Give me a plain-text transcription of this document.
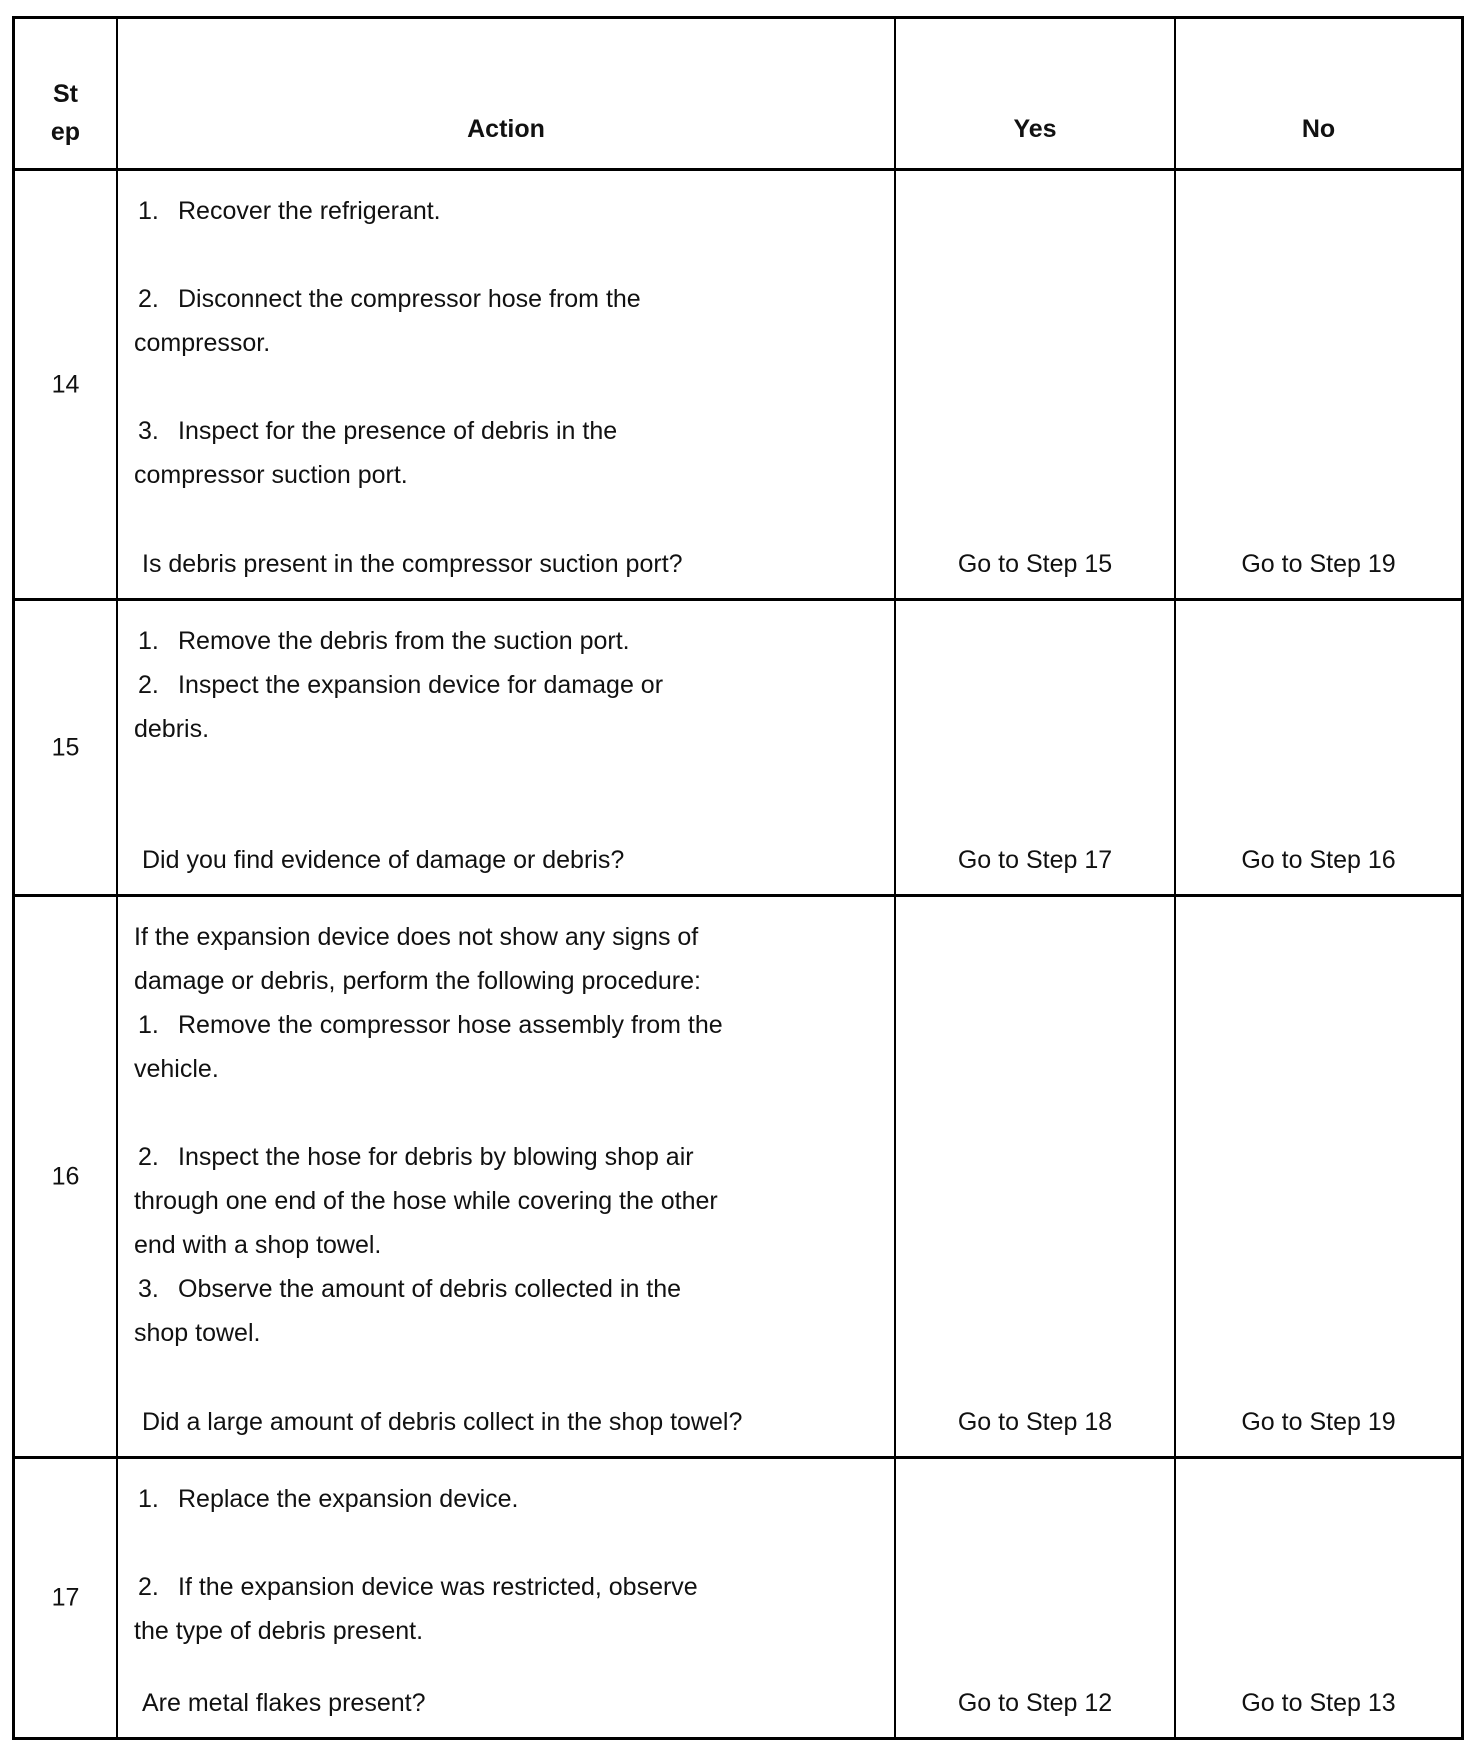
St
ep	Action	Yes	No
14

1. Recover the refrigerant.

2. Disconnect the compressor hose from the

compressor.

3. Inspect for the presence of debris in the

compressor suction port.

Is debris present in the compressor suction port?	Go to Step 15	Go to Step 19
15

1. Remove the debris from the suction port.

2. Inspect the expansion device for damage or

debris.

Did you find evidence of damage or debris?	Go to Step 17	Go to Step 16
16

If the expansion device does not show any signs of

damage or debris, perform the following procedure:

1. Remove the compressor hose assembly from the

vehicle.

2. Inspect the hose for debris by blowing shop air

through one end of the hose while covering the other

end with a shop towel.

3. Observe the amount of debris collected in the

shop towel.

Did a large amount of debris collect in the shop towel?	Go to Step 18	Go to Step 19
17

1. Replace the expansion device.

2. If the expansion device was restricted, observe

the type of debris present.

Are metal flakes present?	Go to Step 12	Go to Step 13
